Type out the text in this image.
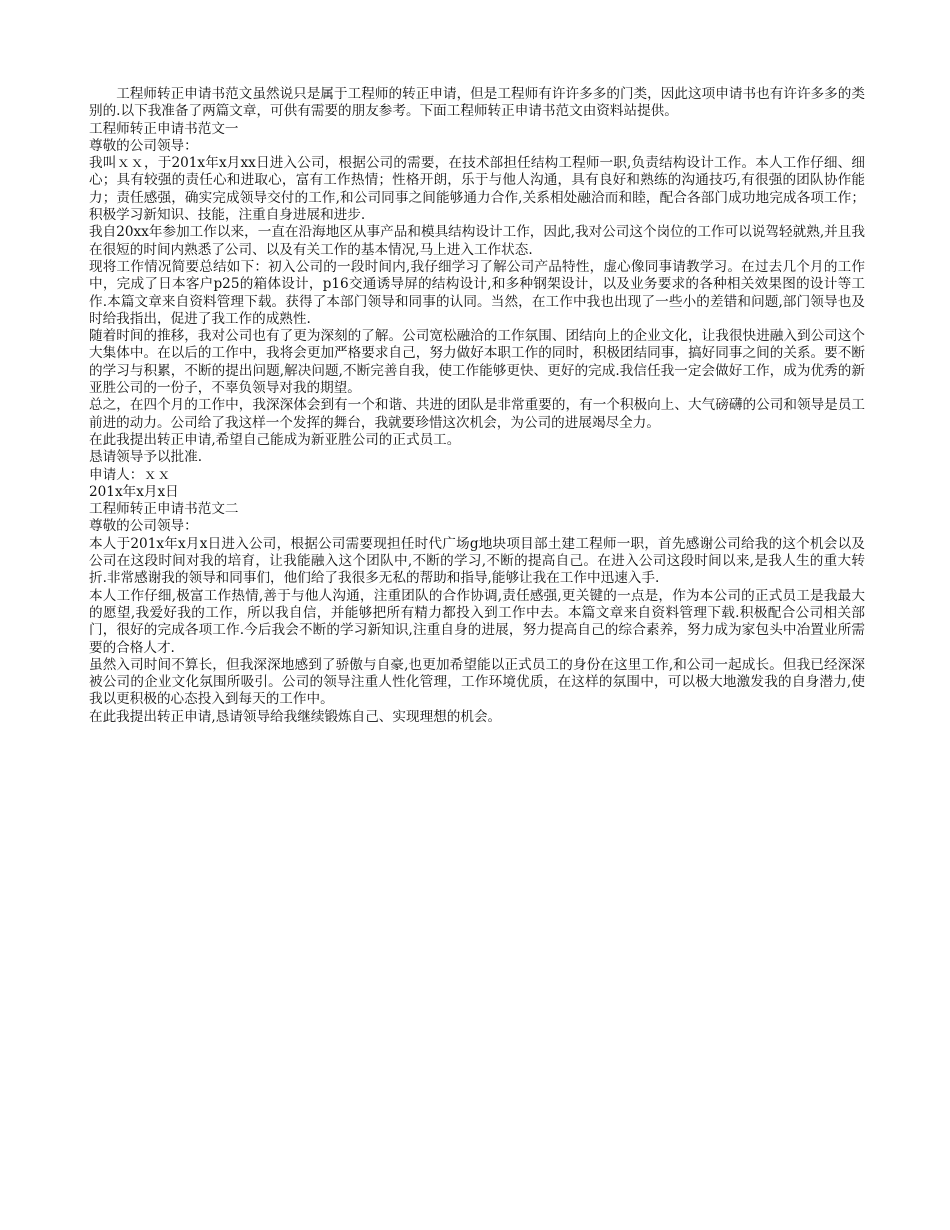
工程师转正申请书范文虽然说只是属于工程师的转正申请，但是工程师有许许多多的门类，因此这项申请书也有许许多多的类别的.以下我准备了两篇文章，可供有需要的朋友参考。下面工程师转正申请书范文由资料站提供。

工程师转正申请书范文一

尊敬的公司领导：

我叫ｘｘ，于201x年x月xx日进入公司，根据公司的需要，在技术部担任结构工程师一职,负责结构设计工作。本人工作仔细、细心；具有较强的责任心和进取心，富有工作热情；性格开朗，乐于与他人沟通，具有良好和熟练的沟通技巧,有很强的团队协作能力；责任感强，确实完成领导交付的工作,和公司同事之间能够通力合作,关系相处融洽而和睦，配合各部门成功地完成各项工作；积极学习新知识、技能，注重自身进展和进步.

我自20xx年参加工作以来，一直在沿海地区从事产品和模具结构设计工作，因此,我对公司这个岗位的工作可以说驾轻就熟,并且我在很短的时间内熟悉了公司、以及有关工作的基本情况,马上进入工作状态.

现将工作情况简要总结如下：初入公司的一段时间内,我仔细学习了解公司产品特性，虚心像同事请教学习。在过去几个月的工作中，完成了日本客户p25的箱体设计，p16交通诱导屏的结构设计,和多种钢架设计，以及业务要求的各种相关效果图的设计等工作.本篇文章来自资料管理下载。获得了本部门领导和同事的认同。当然，在工作中我也出现了一些小的差错和问题,部门领导也及时给我指出，促进了我工作的成熟性.

随着时间的推移，我对公司也有了更为深刻的了解。公司宽松融洽的工作氛围、团结向上的企业文化，让我很快进融入到公司这个大集体中。在以后的工作中，我将会更加严格要求自己，努力做好本职工作的同时，积极团结同事，搞好同事之间的关系。要不断的学习与积累，不断的提出问题,解决问题,不断完善自我，使工作能够更快、更好的完成.我信任我一定会做好工作，成为优秀的新亚胜公司的一份子，不辜负领导对我的期望。

总之，在四个月的工作中，我深深体会到有一个和谐、共进的团队是非常重要的，有一个积极向上、大气磅礴的公司和领导是员工前进的动力。公司给了我这样一个发挥的舞台，我就要珍惜这次机会，为公司的进展竭尽全力。

在此我提出转正申请,希望自己能成为新亚胜公司的正式员工。

恳请领导予以批准.

申请人：ｘｘ

201x年x月x日

工程师转正申请书范文二

尊敬的公司领导：

本人于201x年x月x日进入公司，根据公司需要现担任时代广场g地块项目部土建工程师一职，首先感谢公司给我的这个机会以及公司在这段时间对我的培育，让我能融入这个团队中,不断的学习,不断的提高自己。在进入公司这段时间以来,是我人生的重大转折.非常感谢我的领导和同事们，他们给了我很多无私的帮助和指导,能够让我在工作中迅速入手.

本人工作仔细,极富工作热情,善于与他人沟通，注重团队的合作协调,责任感强,更关键的一点是，作为本公司的正式员工是我最大的愿望,我爱好我的工作，所以我自信，并能够把所有精力都投入到工作中去。本篇文章来自资料管理下载.积极配合公司相关部门，很好的完成各项工作.今后我会不断的学习新知识,注重自身的进展，努力提高自己的综合素养，努力成为家包头中冶置业所需要的合格人才.

虽然入司时间不算长，但我深深地感到了骄傲与自豪,也更加希望能以正式员工的身份在这里工作,和公司一起成长。但我已经深深被公司的企业文化氛围所吸引。公司的领导注重人性化管理，工作环境优质，在这样的氛围中，可以极大地激发我的自身潜力,使我以更积极的心态投入到每天的工作中。

在此我提出转正申请,恳请领导给我继续锻炼自己、实现理想的机会。
